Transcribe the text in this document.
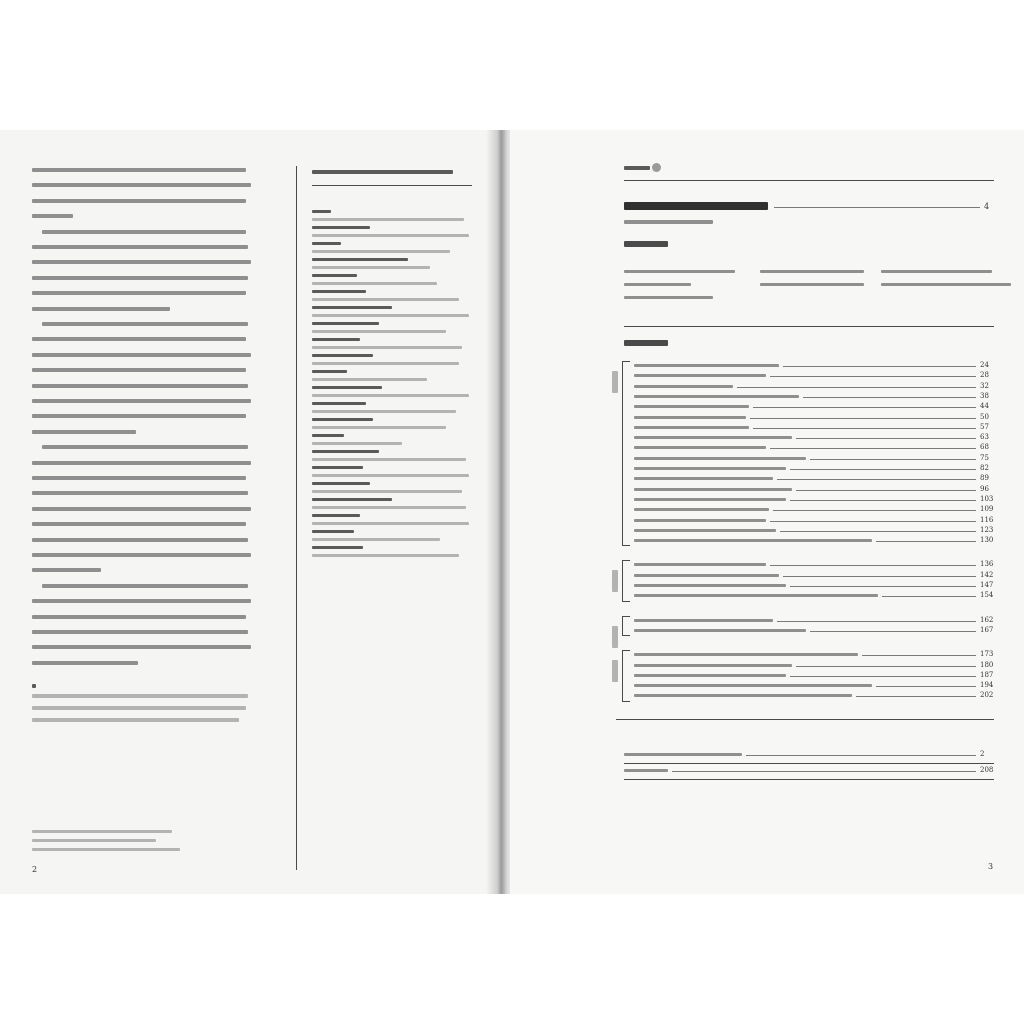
2
4
24
28
32
38
44
50
57
63
68
75
82
89
96
103
109
116
123
130
136
142
147
154
162
167
173
180
187
194
202
2
208
3
